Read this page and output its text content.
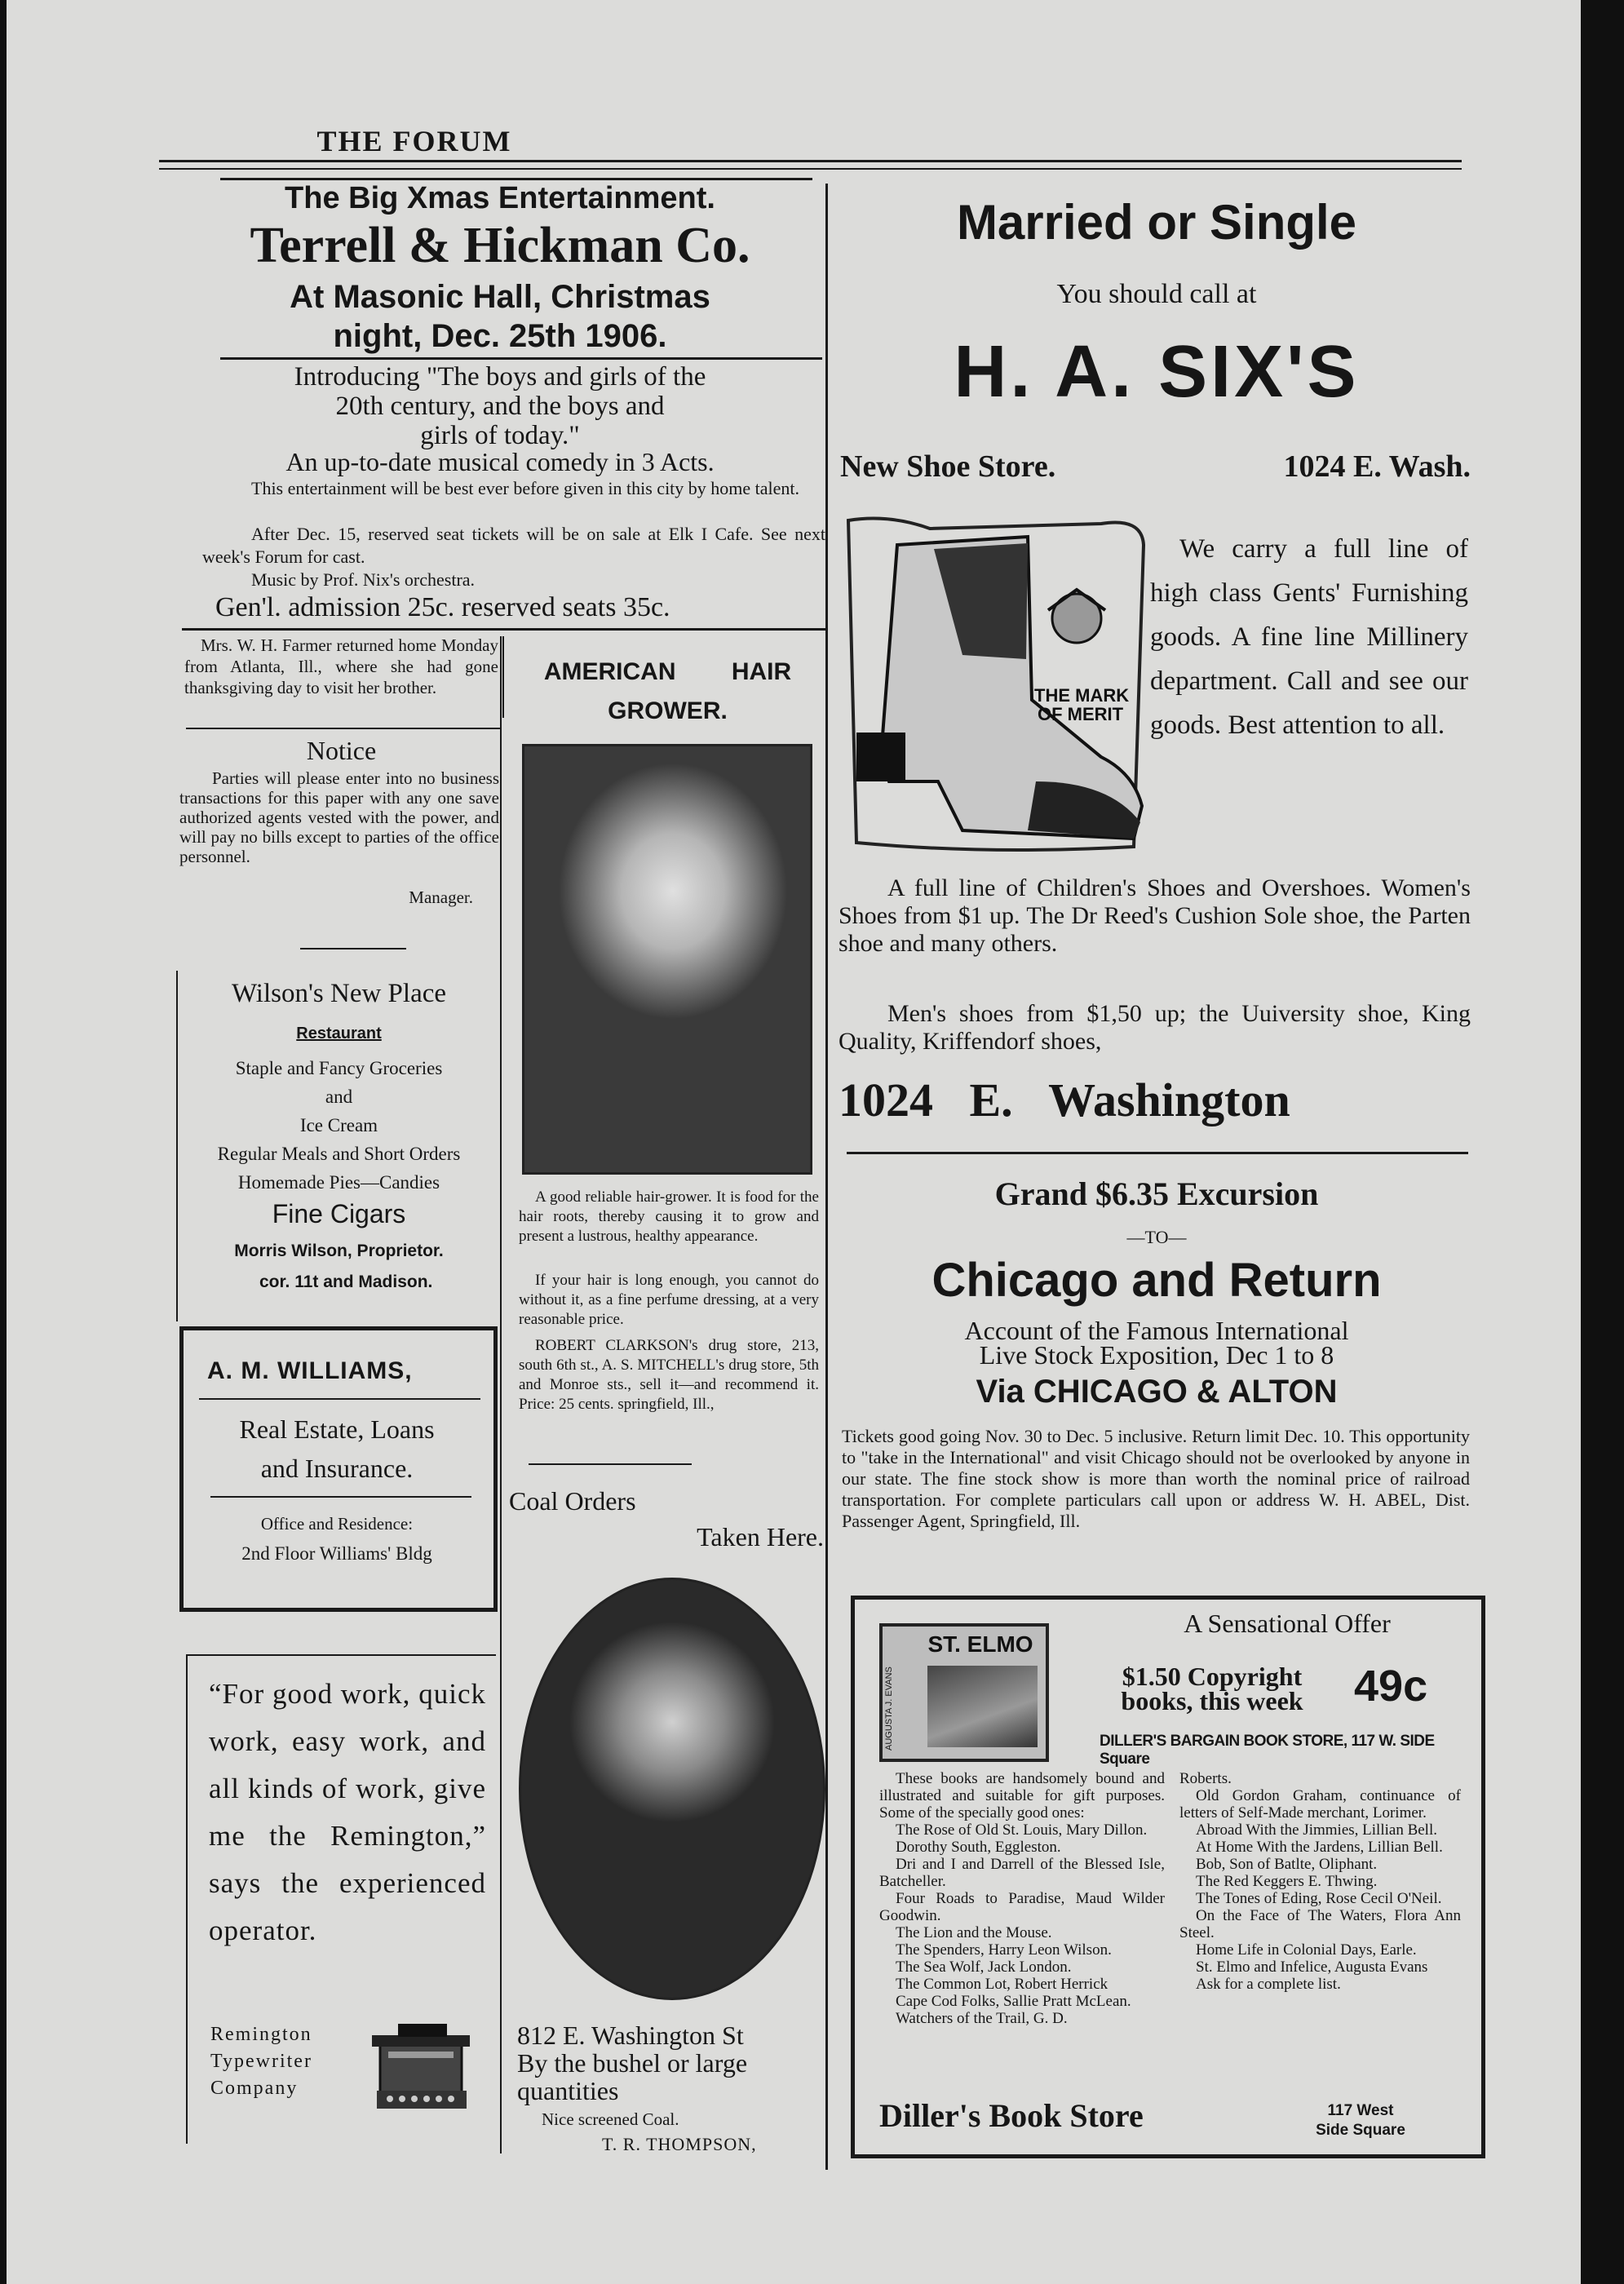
THE FORUM
The Big Xmas Entertainment.
Terrell & Hickman Co.
At Masonic Hall, Christmas
night, Dec. 25th 1906.
Introducing "The boys and girls of the
20th century, and the boys and
girls of today."
An up-to-date musical comedy in 3 Acts.
This entertainment will be best ever before given in this city by home talent.
After Dec. 15, reserved seat tickets will be on sale at Elk I Cafe. See next week's Forum for cast.
Music by Prof. Nix's orchestra.
Gen'l. admission 25c. reserved seats 35c.
Mrs. W. H. Farmer returned home Monday from Atlanta, Ill., where she had gone thanksgiving day to visit her brother.
Notice
Parties will please enter into no business transactions for this paper with any one save authorized agents vested with the power, and will pay no bills except to parties of the office personnel.
Manager.
Wilson's New Place
Restaurant
Staple and Fancy Groceries
and
Ice Cream
Regular Meals and Short Orders
Homemade Pies—Candies
Fine Cigars
Morris Wilson, Proprietor.
cor. 11t and Madison.
A. M. WILLIAMS,
Real Estate, Loans
and Insurance.
Office and Residence:
2nd Floor Williams' Bldg
“For good work, quick work, easy work, and all kinds of work, give me the Remington,” says the experienced operator.
Remington
Typewriter
Company
AMERICAN HAIR GROWER.
A good reliable hair-grower. It is food for the hair roots, thereby causing it to grow and present a lustrous, healthy appearance.
If your hair is long enough, you cannot do without it, as a fine perfume dressing, at a very reasonable price.
ROBERT CLARKSON's drug store, 213, south 6th st., A. S. MITCHELL's drug store, 5th and Monroe sts., sell it—and recommend it. Price: 25 cents. springfield, Ill.,
Coal Orders
Taken Here.
812 E. Washington St
By the bushel or large quantities
Nice screened Coal.
T. R. THOMPSON,
Married or Single
You should call at
H. A. SIX'S
New Shoe Store.	1024 E. Wash.
THE MARK
OF MERIT
We carry a full line of high class Gents' Furnishing goods. A fine line Millinery department. Call and see our goods. Best attention to all.
A full line of Children's Shoes and Overshoes. Women's Shoes from $1 up. The Dr Reed's Cushion Sole shoe, the Parten shoe and many others.
Men's shoes from $1,50 up; the Uuiversity shoe, King Quality, Kriffendorf shoes,
1024 E. Washington
Grand $6.35 Excursion
—TO—
Chicago and Return
Account of the Famous International
Live Stock Exposition, Dec 1 to 8
Via CHICAGO & ALTON
Tickets good going Nov. 30 to Dec. 5 inclusive. Return limit Dec. 10. This opportunity to "take in the International" and visit Chicago should not be overlooked by anyone in our state. The fine stock show is more than worth the nominal price of railroad transportation. For complete particulars call upon or address W. H. ABEL, Dist. Passenger Agent, Springfield, Ill.
A Sensational Offer
ST. ELMO
AUGUSTA J. EVANS	$1.50 Copyright
books, this week	49c
DILLER'S BARGAIN BOOK STORE, 117 W. SIDE Square
These books are handsomely bound and illustrated and suitable for gift purposes. Some of the specially good ones:
The Rose of Old St. Louis, Mary Dillon.
Dorothy South, Eggleston.
Dri and I and Darrell of the Blessed Isle, Batcheller.
Four Roads to Paradise, Maud Wilder Goodwin.
The Lion and the Mouse.
The Spenders, Harry Leon Wilson.
The Sea Wolf, Jack London.
The Common Lot, Robert Herrick
Cape Cod Folks, Sallie Pratt McLean.
Watchers of the Trail, G. D.
Roberts.
Old Gordon Graham, continuance of letters of Self-Made merchant, Lorimer.
Abroad With the Jimmies, Lillian Bell.
At Home With the Jardens, Lillian Bell.
Bob, Son of Batlte, Oliphant.
The Red Keggers E. Thwing.
The Tones of Eding, Rose Cecil O'Neil.
On the Face of The Waters, Flora Ann Steel.
Home Life in Colonial Days, Earle.
St. Elmo and Infelice, Augusta Evans
Ask for a complete list.
Diller's Book Store	117 West
Side Square
